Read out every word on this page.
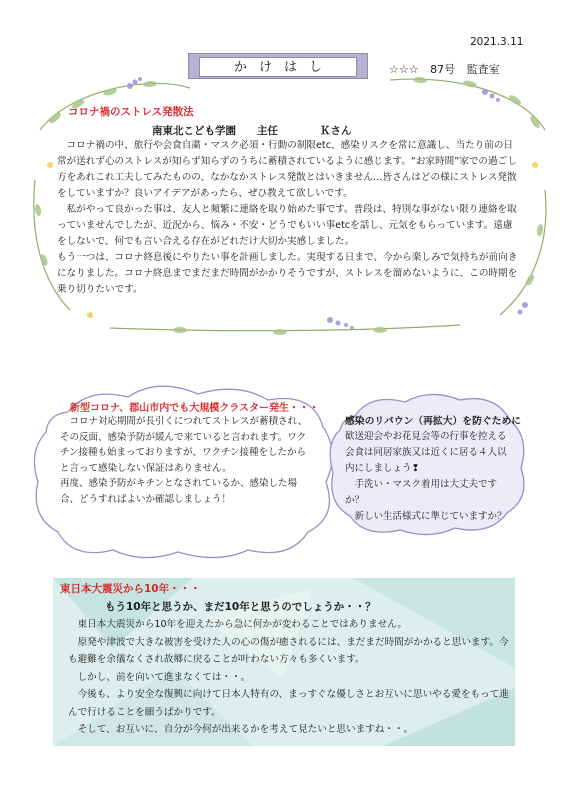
2021.3.11
かけはし	☆☆☆ 87号 監査室
コロナ禍のストレス発散法
南東北こども学園　　主任　　　　Ｋさん

コロナ禍の中、旅行や会食自粛・マスク必須・行動の制限etc、感染リスクを常に意識し、当たり前の日常が送れず心のストレスが知らず知らずのうちに蓄積されているように感じます。“お家時間”家での過ごし方をあれこれ工夫してみたものの、なかなかストレス発散とはいきません…皆さんはどの様にストレス発散をしていますか？良いアイデアがあったら、ぜひ教えて欲しいです。

私がやって良かった事は、友人と頻繁に連絡を取り始めた事です。普段は、特別な事がない限り連絡を取っていませんでしたが、近況から、悩み・不安・どうでもいい事etcを話し、元気をもらっています。遠慮をしないで、何でも言い合える存在がどれだけ大切か実感しました。

もう一つは、コロナ終息後にやりたい事を計画しました。実現する日まで、今から楽しみで気持ちが前向きになりました。コロナ終息までまだまだ時間がかかりそうですが、ストレスを溜めないように、この時期を乗り切りたいです。

新型コロナ、郡山市内でも大規模クラスター発生・・・

コロナ対応期間が長引くにつれてストレスが蓄積され、その反面、感染予防が緩んで来ていると言われます。ワクチン接種も始まっておりますが、ワクチン接種をしたからと言って感染しない保証はありません。

再度、感染予防がキチンとなされているか、感染した場合、どうすればよいか確認しましょう！

感染のリバウン（再拡大）を防ぐために

歓送迎会やお花見会等の行事を控える会食は同居家族又は近くに居る４人以内にしましょう❢

手洗い・マスク着用は大丈夫ですか？

新しい生活様式に準じていますか？

東日本大震災から10年・・・
もう10年と思うか、まだ10年と思うのでしょうか・・？

東日本大震災から10年を迎えたから急に何かが変わることではありません。

原発や津波で大きな被害を受けた人の心の傷が癒されるには、まだまだ時間がかかると思います。今も避難を余儀なくされ故郷に戻ることが叶わない方々も多くいます。

しかし、前を向いて進まなくては・・。

今後も、より安全な復興に向けて日本人特有の、まっすぐな優しさとお互いに思いやる愛をもって進んで行けることを願うばかりです。

そして、お互いに、自分が今何が出来るかを考えて見たいと思いますね・・。
